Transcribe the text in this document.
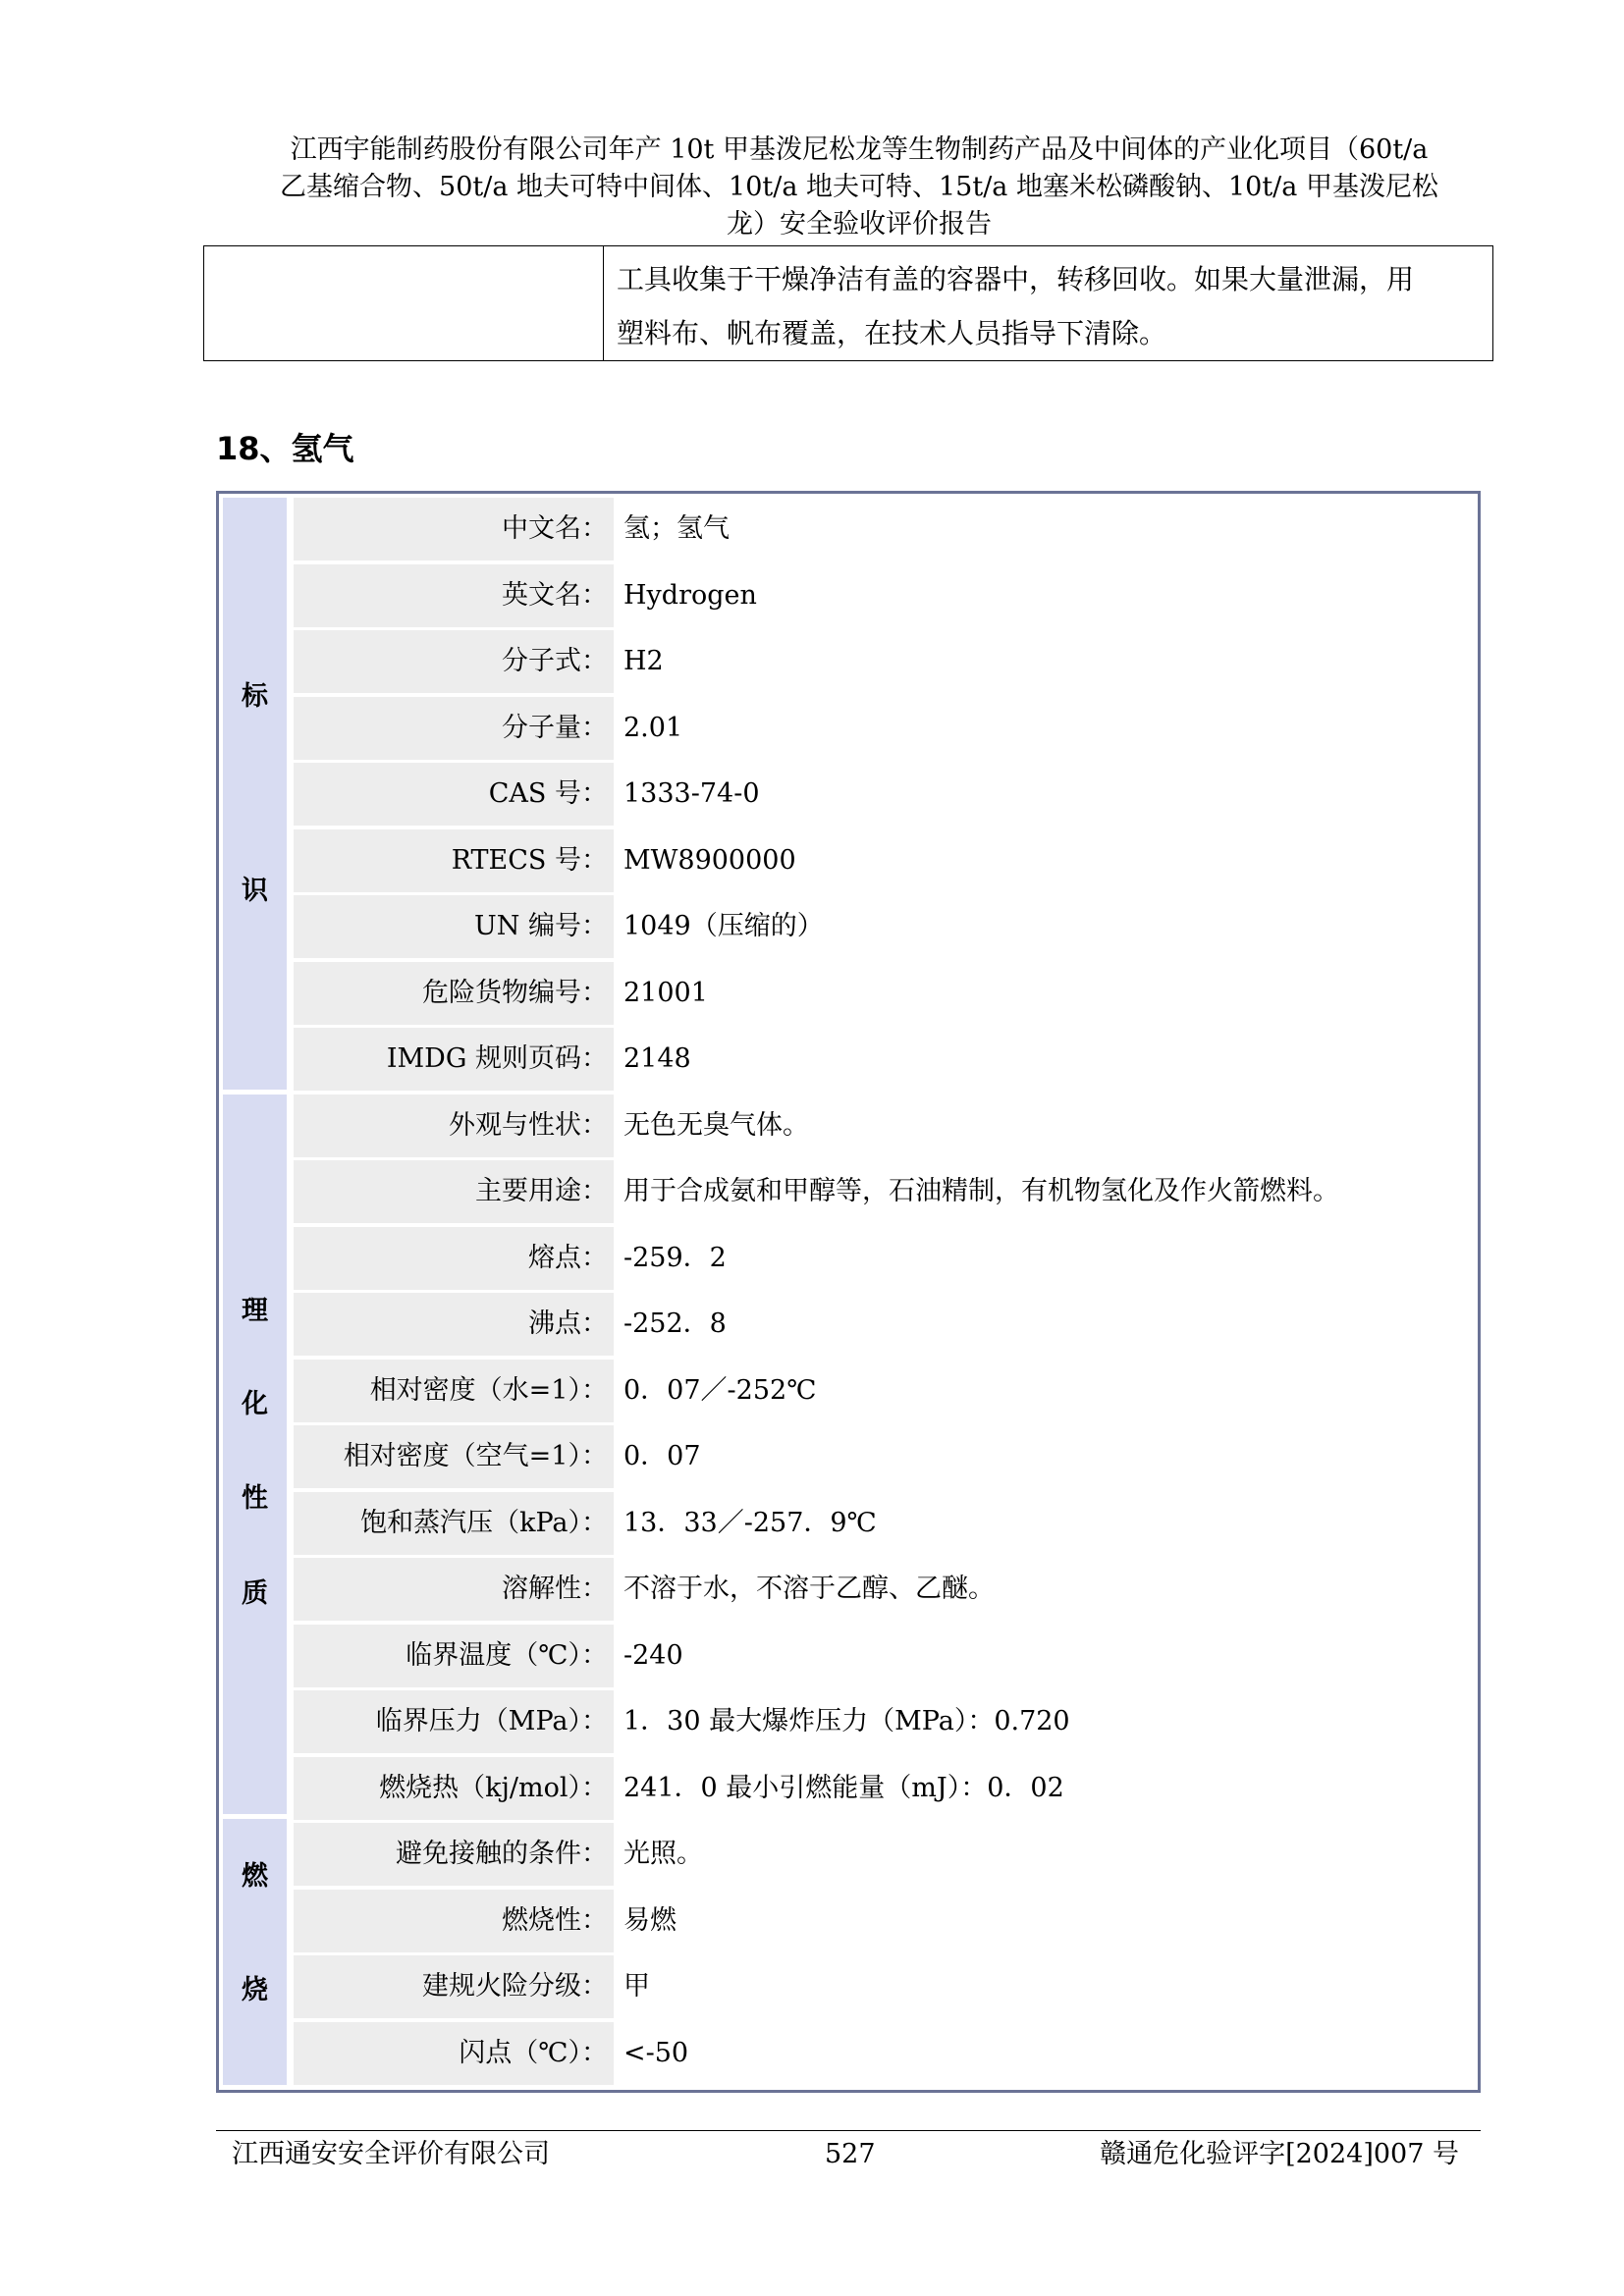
江西宇能制药股份有限公司年产 10t 甲基泼尼松龙等生物制药产品及中间体的产业化项目（60t/a
乙基缩合物、50t/a 地夫可特中间体、10t/a 地夫可特、15t/a 地塞米松磷酸钠、10t/a 甲基泼尼松
龙）安全验收评价报告
工具收集于干燥净洁有盖的容器中，转移回收。如果大量泄漏，用
塑料布、帆布覆盖，在技术人员指导下清除。
18、氢气
标
识
理
化
性
质
燃
烧
中文名： 氢；氢气
英文名： Hydrogen
分子式： H2
分子量： 2.01
CAS 号： 1333-74-0
RTECS 号： MW8900000
UN 编号： 1049（压缩的）
危险货物编号： 21001
IMDG 规则页码： 2148
外观与性状： 无色无臭气体。
主要用途： 用于合成氨和甲醇等，石油精制，有机物氢化及作火箭燃料。
熔点： -259．2
沸点： -252．8
相对密度（水=1）： 0．07／-252℃
相对密度（空气=1）： 0．07
饱和蒸汽压（kPa）： 13．33／-257．9℃
溶解性： 不溶于水，不溶于乙醇、乙醚。
临界温度（℃）： -240
临界压力（MPa）： 1．30 最大爆炸压力（MPa）：0.720
燃烧热（kj/mol）： 241．0 最小引燃能量（mJ）：0．02
避免接触的条件： 光照。
燃烧性： 易燃
建规火险分级： 甲
闪点（℃）： <-50
江西通安安全评价有限公司	527	赣通危化验评字[2024]007 号
